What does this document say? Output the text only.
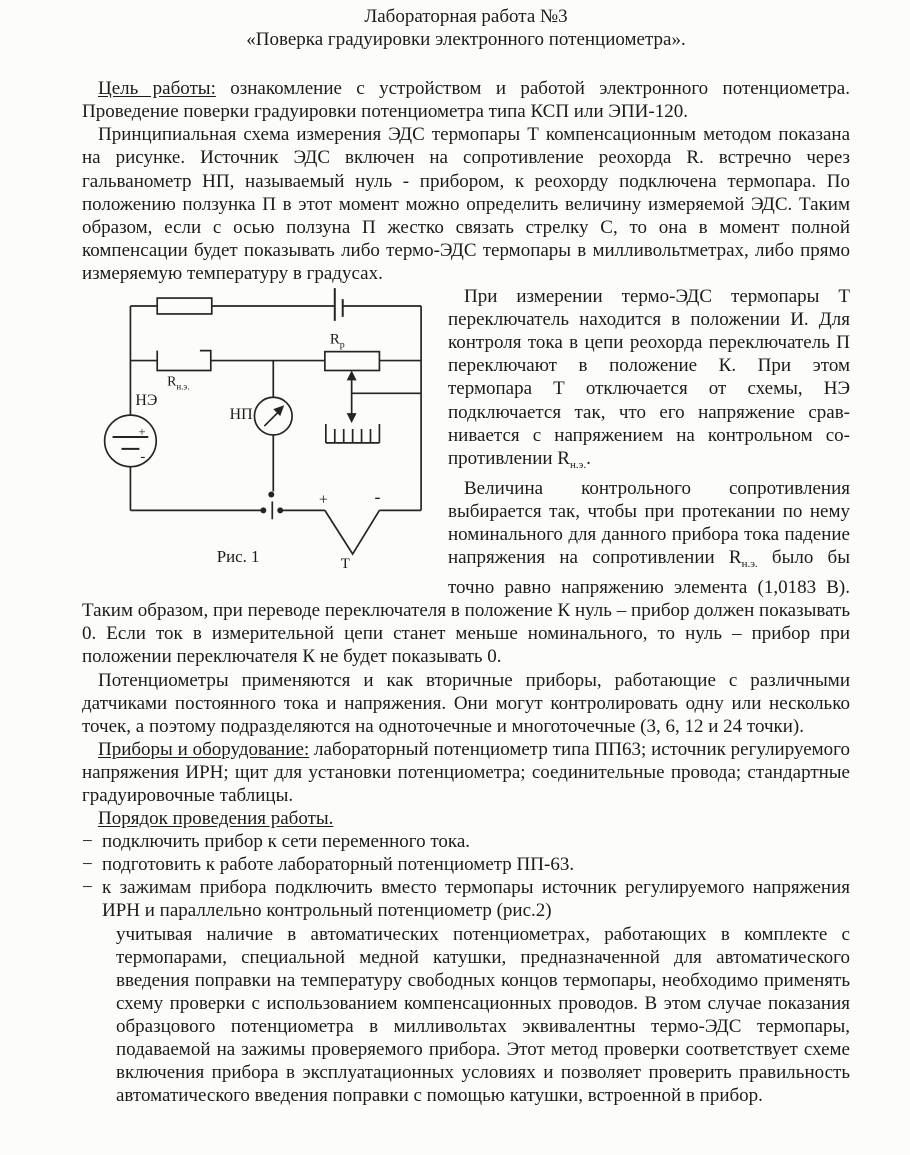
Лабораторная работа №3
«Поверка градуировки электронного потенциометра».

Цель работы: ознакомление с устройством и работой электронного потенциометра. Проведение поверки градуировки потенциометра типа КСП или ЭПИ-120.

Принципиальная схема измерения ЭДС термопары Т компенсационным методом показана на рисунке. Источник ЭДС включен на сопротивление реохорда R. встречно через гальванометр НП, называемый нуль - прибором, к реохорду подключена термопара. По положению ползунка П в этот момент можно определить величину измеряемой ЭДС. Таким образом, если с осью ползуна П жестко связать стрелку С, то она в момент полной компенсации будет показывать либо термо-ЭДС термопары в милливольтметрах, либо прямо измеряемую температуру в градусах.

НЭ
НП
$R_р$
$R_{н.э.}$
+
-
+	-
Т
Рис. 1

При измерении термо-ЭДС термопары Т переключатель находится в положении И. Для контроля тока в цепи реохорда переключатель П переключают в положение К. При этом термопара Т отключается от схемы, НЭ подключается так, что его напряжение сравнивается с напряжением на контрольном сопротивлении $R_{н.э.}$.

Величина контрольного сопротивления выбирается так, чтобы при протекании по нему номинального для данного прибора тока падение напряжения на сопротивлении $R_{н.э.}$ было бы точно равно напряжению элемента (1,0183 В). Таким образом, при переводе переключателя в положение К нуль – прибор должен показывать 0. Если ток в измерительной цепи станет меньше номинального, то нуль – прибор при положении переключателя К не будет показывать 0.

Потенциометры применяются и как вторичные приборы, работающие с различными датчиками постоянного тока и напряжения. Они могут контролировать одну или несколько точек, а поэтому подразделяются на одноточечные и многоточечные (3, 6, 12 и 24 точки).

Приборы и оборудование: лабораторный потенциометр типа ПП63; источник регулируемого напряжения ИРН; щит для установки потенциометра; соединительные провода; стандартные градуировочные таблицы.

Порядок проведения работы.

− подключить прибор к сети переменного тока.
− подготовить к работе лабораторный потенциометр ПП-63.
− к зажимам прибора подключить вместо термопары источник регулируемого напряжения ИРН и параллельно контрольный потенциометр (рис.2)

учитывая наличие в автоматических потенциометрах, работающих в комплекте с термопарами, специальной медной катушки, предназначенной для автоматического введения поправки на температуру свободных концов термопары, необходимо применять схему проверки с использованием компенсационных проводов. В этом случае показания образцового потенциометра в милливольтах эквивалентны термо-ЭДС термопары, подаваемой на зажимы проверяемого прибора. Этот метод проверки соответствует схеме включения прибора в эксплуатационных условиях и позволяет проверить правильность автоматического введения поправки с помощью катушки, встроенной в прибор.
